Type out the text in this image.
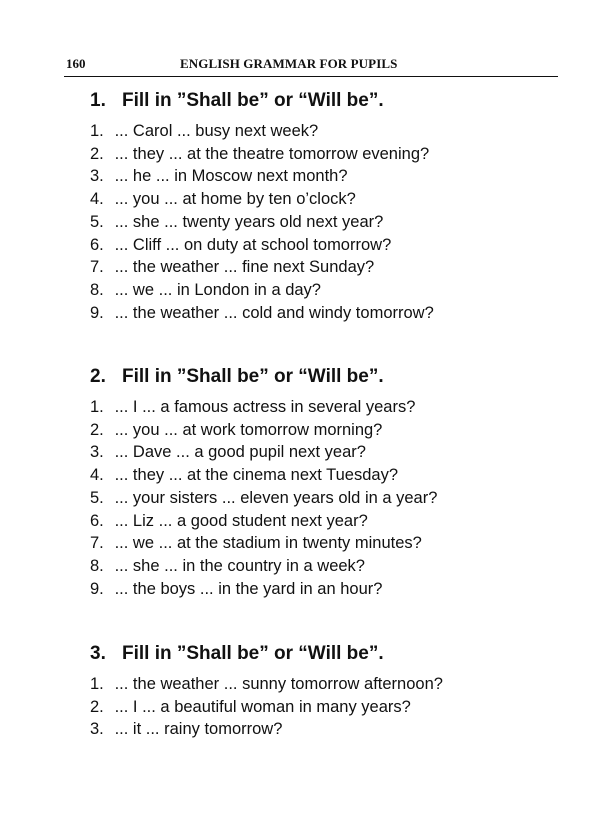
160	ENGLISH GRAMMAR FOR PUPILS
1. Fill in ”Shall be” or “Will be”.
1. ... Carol ... busy next week?
2. ... they ... at the theatre tomorrow evening?
3. ... he ... in Moscow next month?
4. ... you ... at home by ten o’clock?
5. ... she ... twenty years old next year?
6. ... Cliff ... on duty at school tomorrow?
7. ... the weather ... fine next Sunday?
8. ... we ... in London in a day?
9. ... the weather ... cold and windy tomorrow?
2. Fill in ”Shall be” or “Will be”.
1. ... I ... a famous actress in several years?
2. ... you ... at work tomorrow morning?
3. ... Dave ... a good pupil next year?
4. ... they ... at the cinema next Tuesday?
5. ... your sisters ... eleven years old in a year?
6. ... Liz ... a good student next year?
7. ... we ... at the stadium in twenty minutes?
8. ... she ... in the country in a week?
9. ... the boys ... in the yard in an hour?
3. Fill in ”Shall be” or “Will be”.
1. ... the weather ... sunny tomorrow afternoon?
2. ... I ... a beautiful woman in many years?
3. ... it ... rainy tomorrow?
